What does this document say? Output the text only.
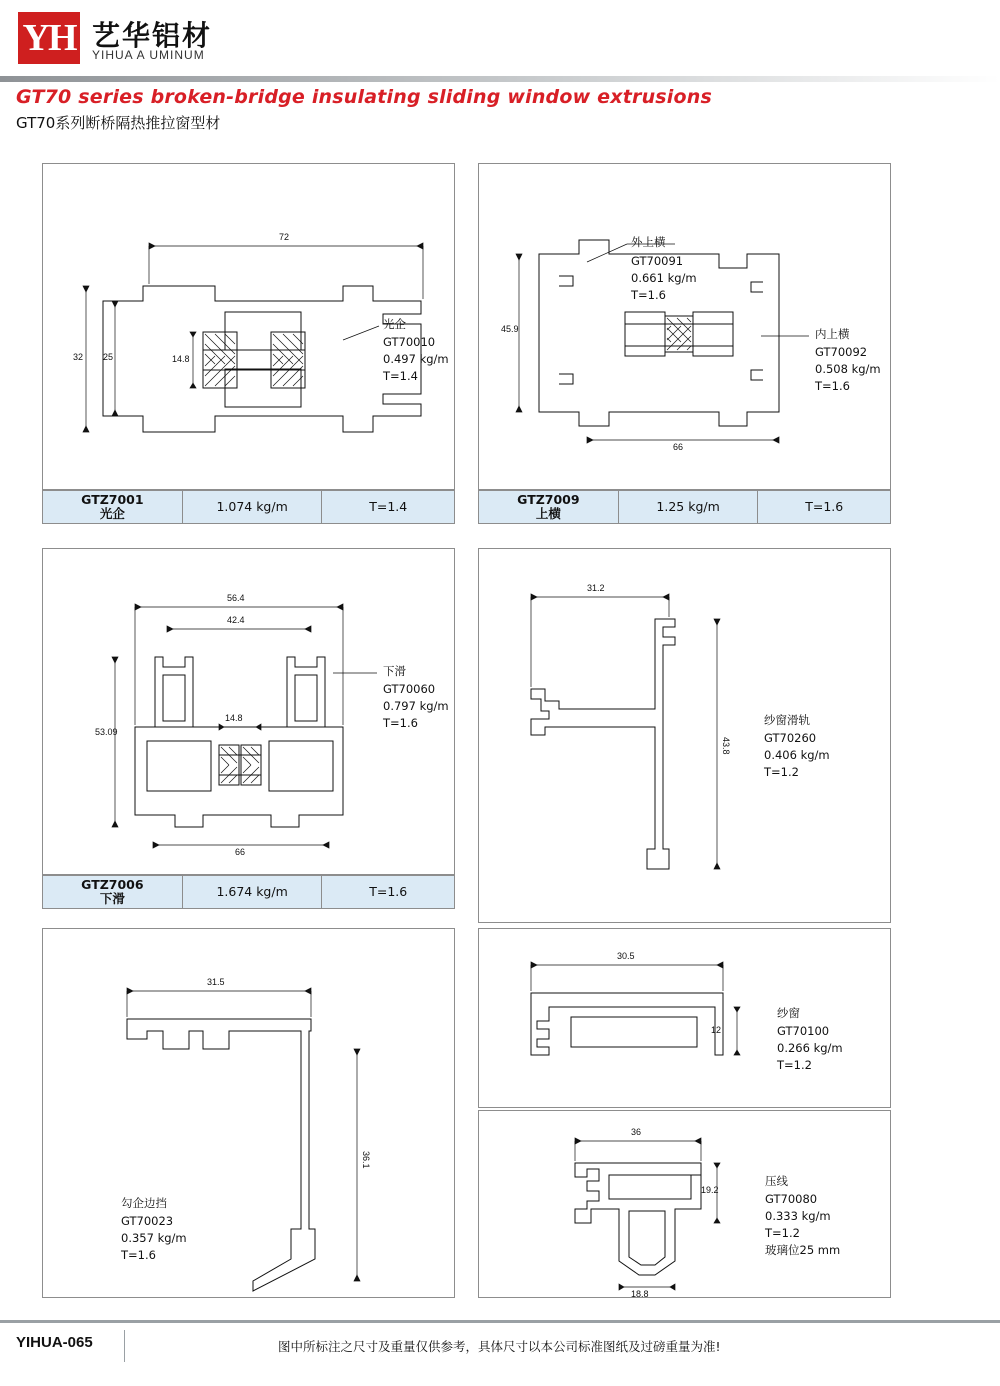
YH 艺华铝材
YIHUA A UMINUM
GT70 series broken-bridge insulating sliding window extrusions
GT70系列断桥隔热推拉窗型材
72
32 25	14.8
光企
GT70010
0.497 kg/m
T=1.4
GTZ7001
光企	1.074 kg/m	T=1.4
45.9
66
外上横
GT70091
0.661 kg/m
T=1.6
内上横
GT70092
0.508 kg/m
T=1.6
GTZ7009
上横	1.25 kg/m	T=1.6
56.4
42.4
53.09
14.8
66
下滑
GT70060
0.797 kg/m
T=1.6
GTZ7006
下滑	1.674 kg/m	T=1.6
31.2
43.8
纱窗滑轨
GT70260
0.406 kg/m
T=1.2
31.5
36.1
勾企边挡
GT70023
0.357 kg/m
T=1.6
30.5
12
纱窗
GT70100
0.266 kg/m
T=1.2
36
19.2
18.8
压线
GT70080
0.333 kg/m
T=1.2
玻璃位25 mm
YIHUA-065	图中所标注之尺寸及重量仅供参考，具体尺寸以本公司标准图纸及过磅重量为准!
